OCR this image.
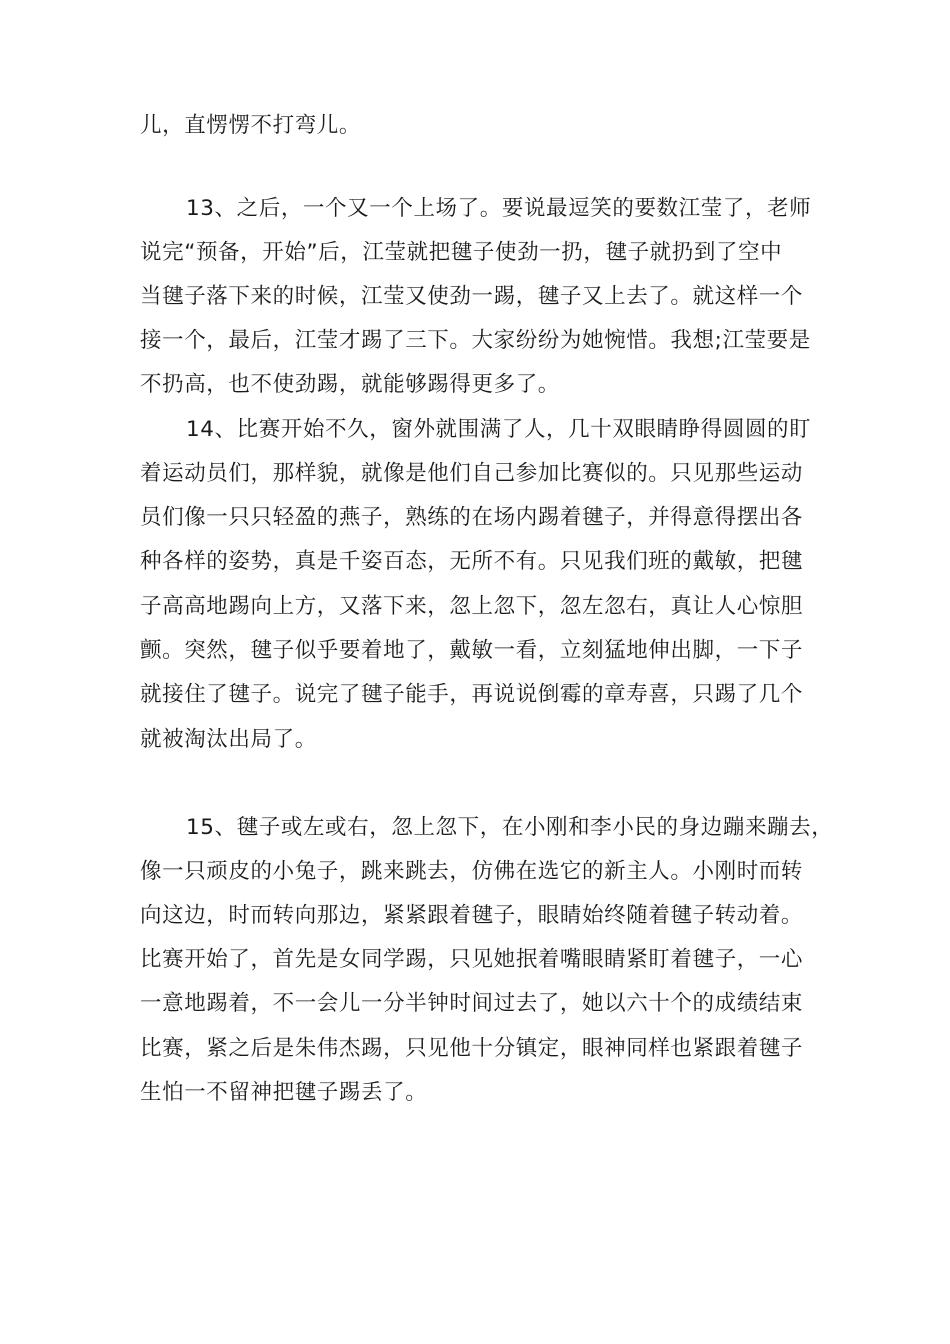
儿，直愣愣不打弯儿。
13、之后，一个又一个上场了。要说最逗笑的要数江莹了，老师
说完“预备，开始”后，江莹就把毽子使劲一扔，毽子就扔到了空中
当毽子落下来的时候，江莹又使劲一踢，毽子又上去了。就这样一个
接一个，最后，江莹才踢了三下。大家纷纷为她惋惜。我想;江莹要是
不扔高，也不使劲踢，就能够踢得更多了。
14、比赛开始不久，窗外就围满了人，几十双眼睛睁得圆圆的盯
着运动员们，那样貌，就像是他们自己参加比赛似的。只见那些运动
员们像一只只轻盈的燕子，熟练的在场内踢着毽子，并得意得摆出各
种各样的姿势，真是千姿百态，无所不有。只见我们班的戴敏，把毽
子高高地踢向上方，又落下来，忽上忽下，忽左忽右，真让人心惊胆
颤。突然，毽子似乎要着地了，戴敏一看，立刻猛地伸出脚，一下子
就接住了毽子。说完了毽子能手，再说说倒霉的章寿喜，只踢了几个
就被淘汰出局了。
15、毽子或左或右，忽上忽下，在小刚和李小民的身边蹦来蹦去，
像一只顽皮的小兔子，跳来跳去，仿佛在选它的新主人。小刚时而转
向这边，时而转向那边，紧紧跟着毽子，眼睛始终随着毽子转动着。
比赛开始了，首先是女同学踢，只见她抿着嘴眼睛紧盯着毽子，一心
一意地踢着，不一会儿一分半钟时间过去了，她以六十个的成绩结束
比赛，紧之后是朱伟杰踢，只见他十分镇定，眼神同样也紧跟着毽子
生怕一不留神把毽子踢丢了。
